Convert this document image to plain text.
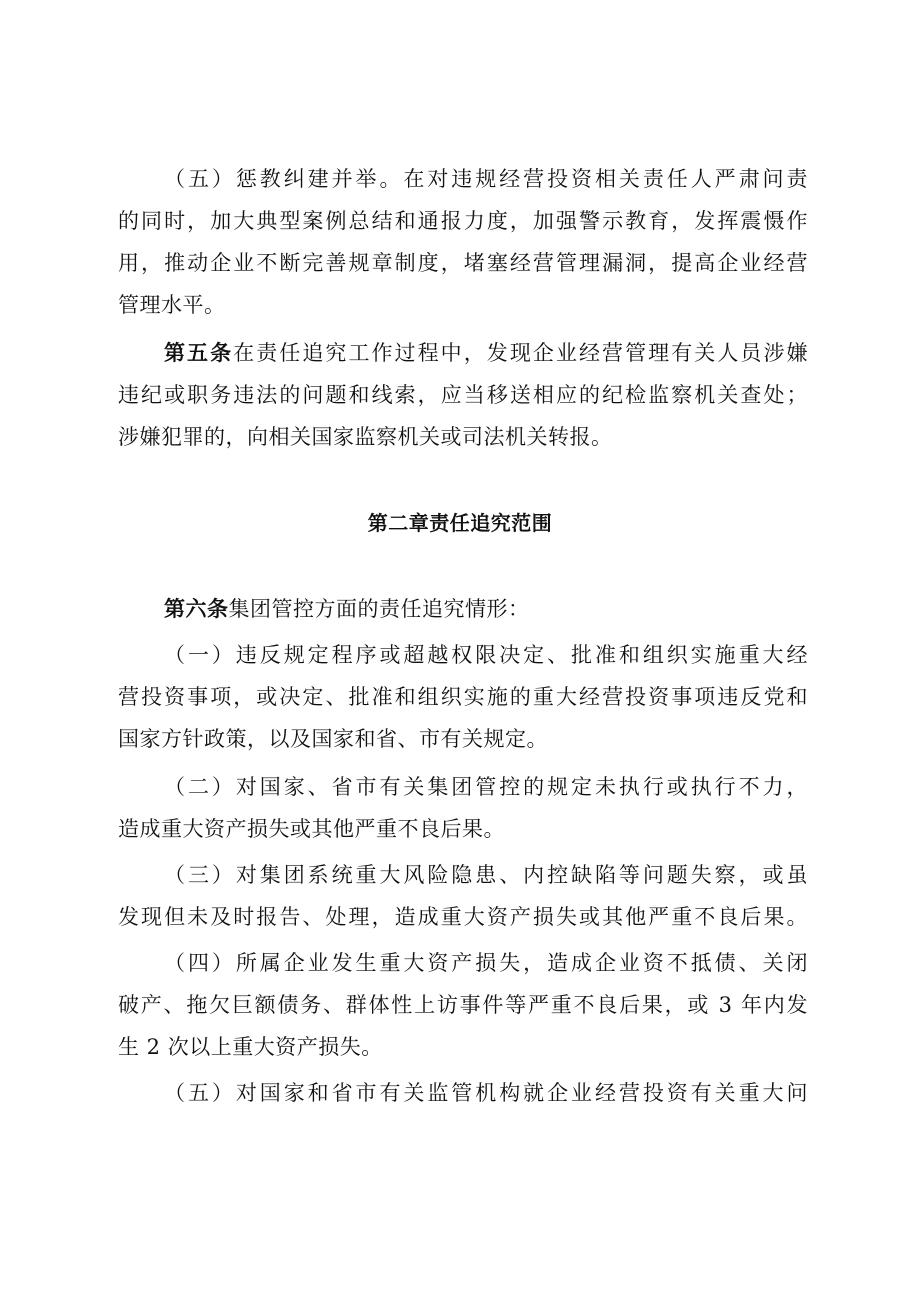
（五）惩教纠建并举。在对违规经营投资相关责任人严肃问责
的同时，加大典型案例总结和通报力度，加强警示教育，发挥震慑作
用，推动企业不断完善规章制度，堵塞经营管理漏洞，提高企业经营
管理水平。
第五条在责任追究工作过程中，发现企业经营管理有关人员涉嫌
违纪或职务违法的问题和线索，应当移送相应的纪检监察机关查处；
涉嫌犯罪的，向相关国家监察机关或司法机关转报。
第二章责任追究范围
第六条集团管控方面的责任追究情形：
（一）违反规定程序或超越权限决定、批准和组织实施重大经
营投资事项，或决定、批准和组织实施的重大经营投资事项违反党和
国家方针政策，以及国家和省、市有关规定。
（二）对国家、省市有关集团管控的规定未执行或执行不力，
造成重大资产损失或其他严重不良后果。
（三）对集团系统重大风险隐患、内控缺陷等问题失察，或虽
发现但未及时报告、处理，造成重大资产损失或其他严重不良后果。
（四）所属企业发生重大资产损失，造成企业资不抵债、关闭
破产、拖欠巨额债务、群体性上访事件等严重不良后果，或 3 年内发
生 2 次以上重大资产损失。
（五）对国家和省市有关监管机构就企业经营投资有关重大问
